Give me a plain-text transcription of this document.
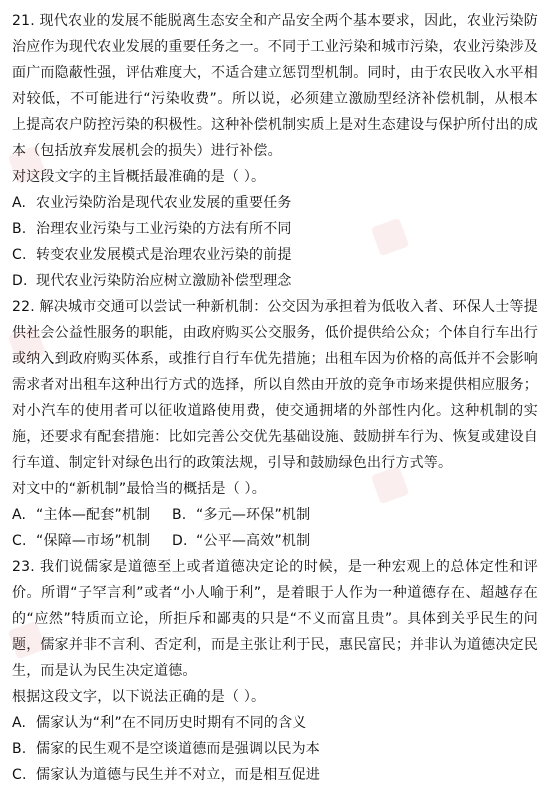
21. 现代农业的发展不能脱离生态安全和产品安全两个基本要求，因此，农业污染防治应作为现代农业发展的重要任务之一。不同于工业污染和城市污染，农业污染涉及面广而隐蔽性强，评估难度大，不适合建立惩罚型机制。同时，由于农民收入水平相对较低，不可能进行“污染收费”。所以说，必须建立激励型经济补偿机制，从根本上提高农户防控污染的积极性。这种补偿机制实质上是对生态建设与保护所付出的成本（包括放弃发展机会的损失）进行补偿。

对这段文字的主旨概括最准确的是（ ）。

A. 农业污染防治是现代农业发展的重要任务

B. 治理农业污染与工业污染的方法有所不同

C. 转变农业发展模式是治理农业污染的前提

D. 现代农业污染防治应树立激励补偿型理念

22. 解决城市交通可以尝试一种新机制：公交因为承担着为低收入者、环保人士等提供社会公益性服务的职能，由政府购买公交服务，低价提供给公众；个体自行车出行或纳入到政府购买体系，或推行自行车优先措施；出租车因为价格的高低并不会影响需求者对出租车这种出行方式的选择，所以自然由开放的竞争市场来提供相应服务；对小汽车的使用者可以征收道路使用费，使交通拥堵的外部性内化。这种机制的实施，还要求有配套措施：比如完善公交优先基础设施、鼓励拼车行为、恢复或建设自行车道、制定针对绿色出行的政策法规，引导和鼓励绿色出行方式等。

对文中的“新机制”最恰当的概括是（ ）。

A. “主体—配套”机制	B. “多元—环保”机制
C. “保障—市场”机制	D. “公平—高效”机制

23. 我们说儒家是道德至上或者道德决定论的时候，是一种宏观上的总体定性和评价。所谓“子罕言利”或者“小人喻于利”，是着眼于人作为一种道德存在、超越存在的“应然”特质而立论，所拒斥和鄙夷的只是“不义而富且贵”。具体到关乎民生的问题，儒家并非不言利、否定利，而是主张让利于民，惠民富民；并非认为道德决定民生，而是认为民生决定道德。

根据这段文字，以下说法正确的是（ ）。

A. 儒家认为“利”在不同历史时期有不同的含义

B. 儒家的民生观不是空谈道德而是强调以民为本

C. 儒家认为道德与民生并不对立，而是相互促进
